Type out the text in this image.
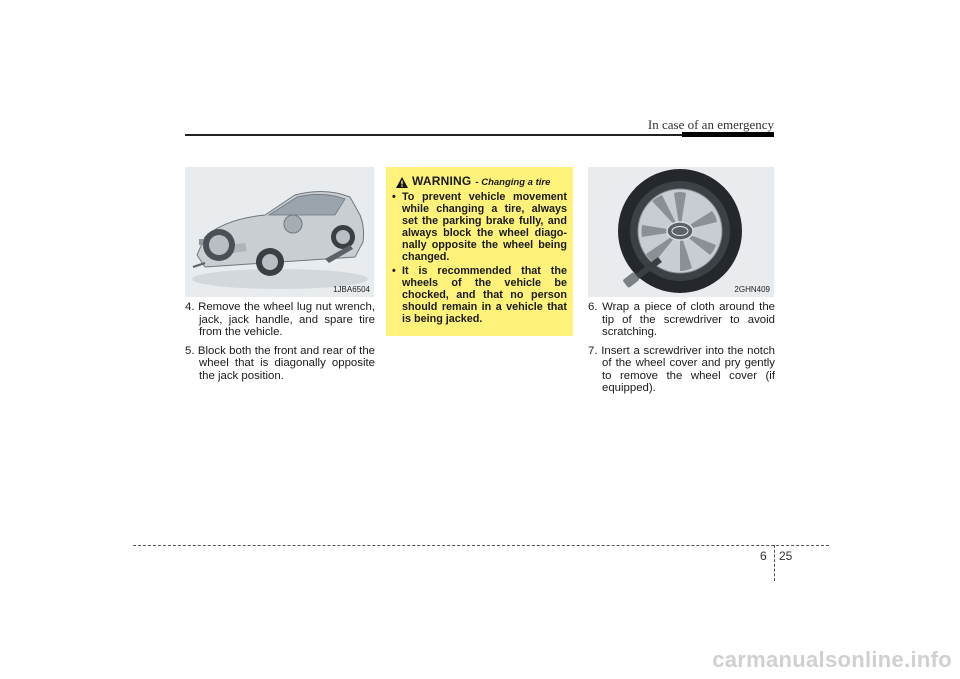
In case of an emergency
1JBA6504
4. Remove the wheel lug nut wrench, jack, jack handle, and spare tire from the vehicle.
5. Block both the front and rear of the wheel that is diagonally opposite the jack position.
WARNING - Changing a tire
• To prevent vehicle movement while changing a tire, always set the parking brake fully, and always block the wheel diago-nally opposite the wheel being changed.
• It is recommended that the wheels of the vehicle be chocked, and that no person should remain in a vehicle that is being jacked.
2GHN409
6. Wrap a piece of cloth around the tip of the screwdriver to avoid scratching.
7. Insert a screwdriver into the notch of the wheel cover and pry gently to remove the wheel cover (if equipped).
6 25
carmanualsonline.info
